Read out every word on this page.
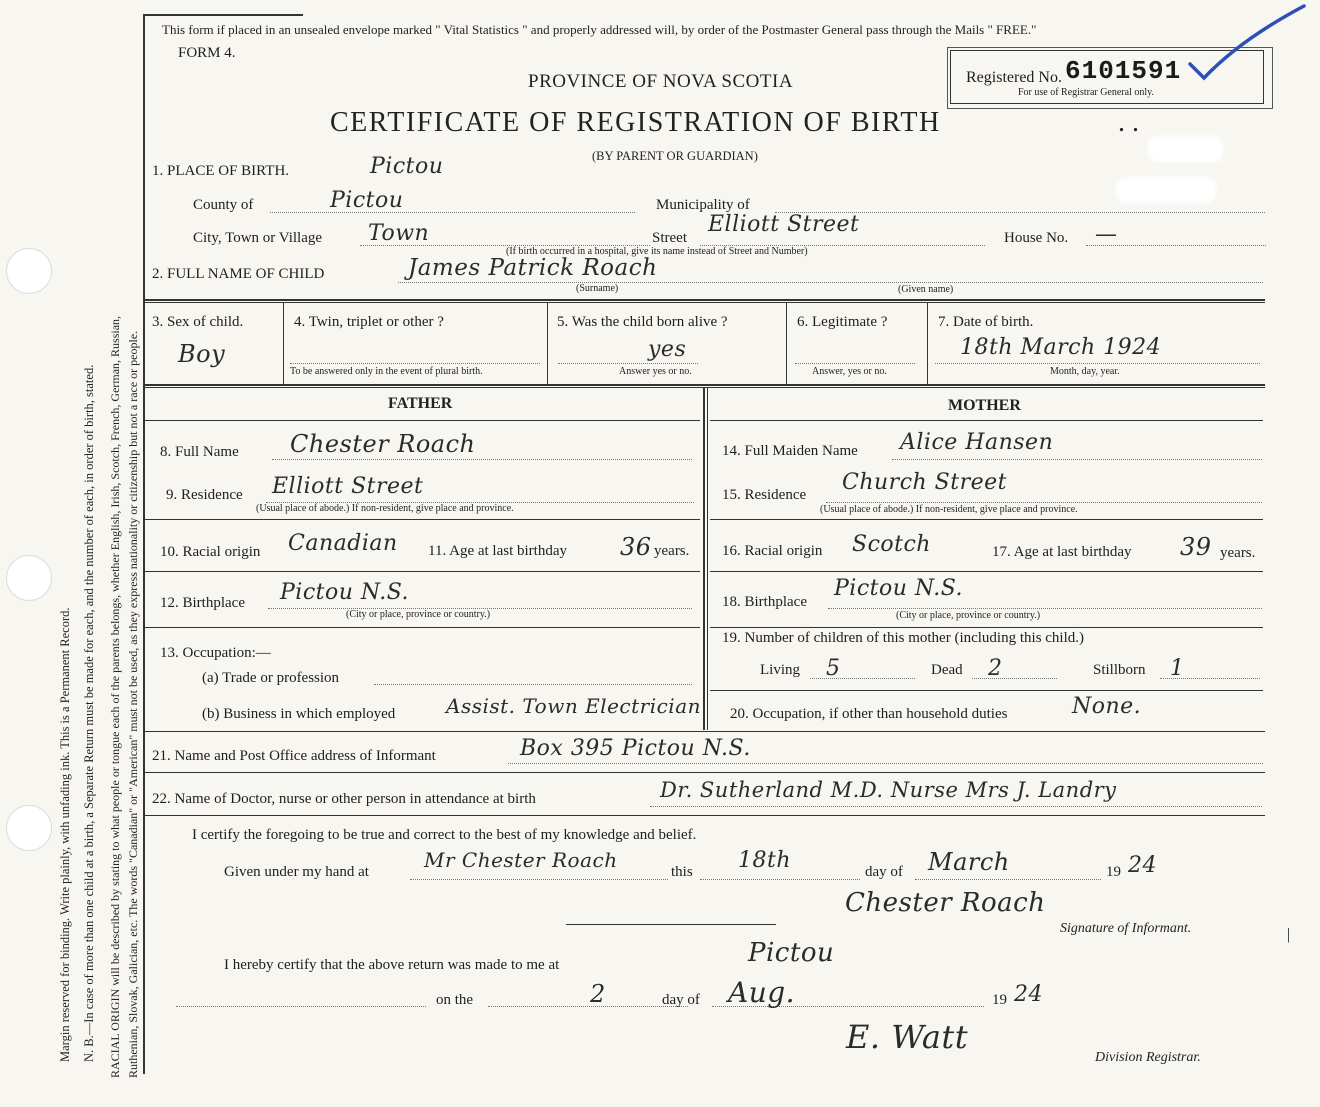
Margin reserved for binding. Write plainly, with unfading ink. This is a Permanent Record. N. B.—In case of more than one child at a birth, a Separate Return must be made for each, and the number of each, in order of birth, stated. RACIAL ORIGIN will be described by stating to what people or tongue each of the parents belongs, whether English, Irish, Scotch, French, German, Russian, Ruthenian, Slovak, Galician, etc. The words "Canadian" or "American" must not be used, as they express nationality or citizenship but not a race or people.
This form if placed in an unsealed envelope marked " Vital Statistics " and properly addressed will, by order of the Postmaster General pass through the Mails " FREE."
FORM 4.
PROVINCE OF NOVA SCOTIA
CERTIFICATE OF REGISTRATION OF BIRTH	. .
(BY PARENT OR GUARDIAN)
Registered No. 6101591
For use of Registrar General only.
1. PLACE OF BIRTH.	Pictou
County of	Pictou	Municipality of
City, Town or Village Town	Street
Elliott Street
House No. —
(If birth occurred in a hospital, give its name instead of Street and Number)
2. FULL NAME OF CHILD	James Patrick Roach
(Surname)	(Given name)
3. Sex of child.
Boy
4. Twin, triplet or other ?
To be answered only in the event of plural birth.
5. Was the child born alive ?
yes
Answer yes or no.
6. Legitimate ?
Answer, yes or no.
7. Date of birth.
18th March 1924
Month, day, year.
FATHER	MOTHER
8. Full Name Chester Roach
9. Residence Elliott Street
(Usual place of abode.) If non-resident, give place and province.
10. Racial origin Canadian 11. Age at last birthday 36 years.
12. Birthplace Pictou N.S.
(City or place, province or country.)
13. Occupation:—
(a) Trade or profession
(b) Business in which employed	Assist. Town Electrician
14. Full Maiden Name Alice Hansen
15. Residence Church Street
(Usual place of abode.) If non-resident, give place and province.
16. Racial origin Scotch	17. Age at last birthday 39 years.
18. Birthplace
Pictou N.S.
(City or place, province or country.)
19. Number of children of this mother (including this child.)
Living 5	Dead 2	Stillborn 1
20. Occupation, if other than household duties	None.
21. Name and Post Office address of Informant	Box 395 Pictou N.S.
22. Name of Doctor, nurse or other person in attendance at birth	Dr. Sutherland M.D. Nurse Mrs J. Landry
I certify the foregoing to be true and correct to the best of my knowledge and belief.
Given under my hand at	Mr Chester Roach	this 18th	day of March	19 24
Chester Roach
Signature of Informant.
I hereby certify that the above return was made to me at	Pictou
on the	2	day of Aug.	19 24
E. Watt
Division Registrar.
|
